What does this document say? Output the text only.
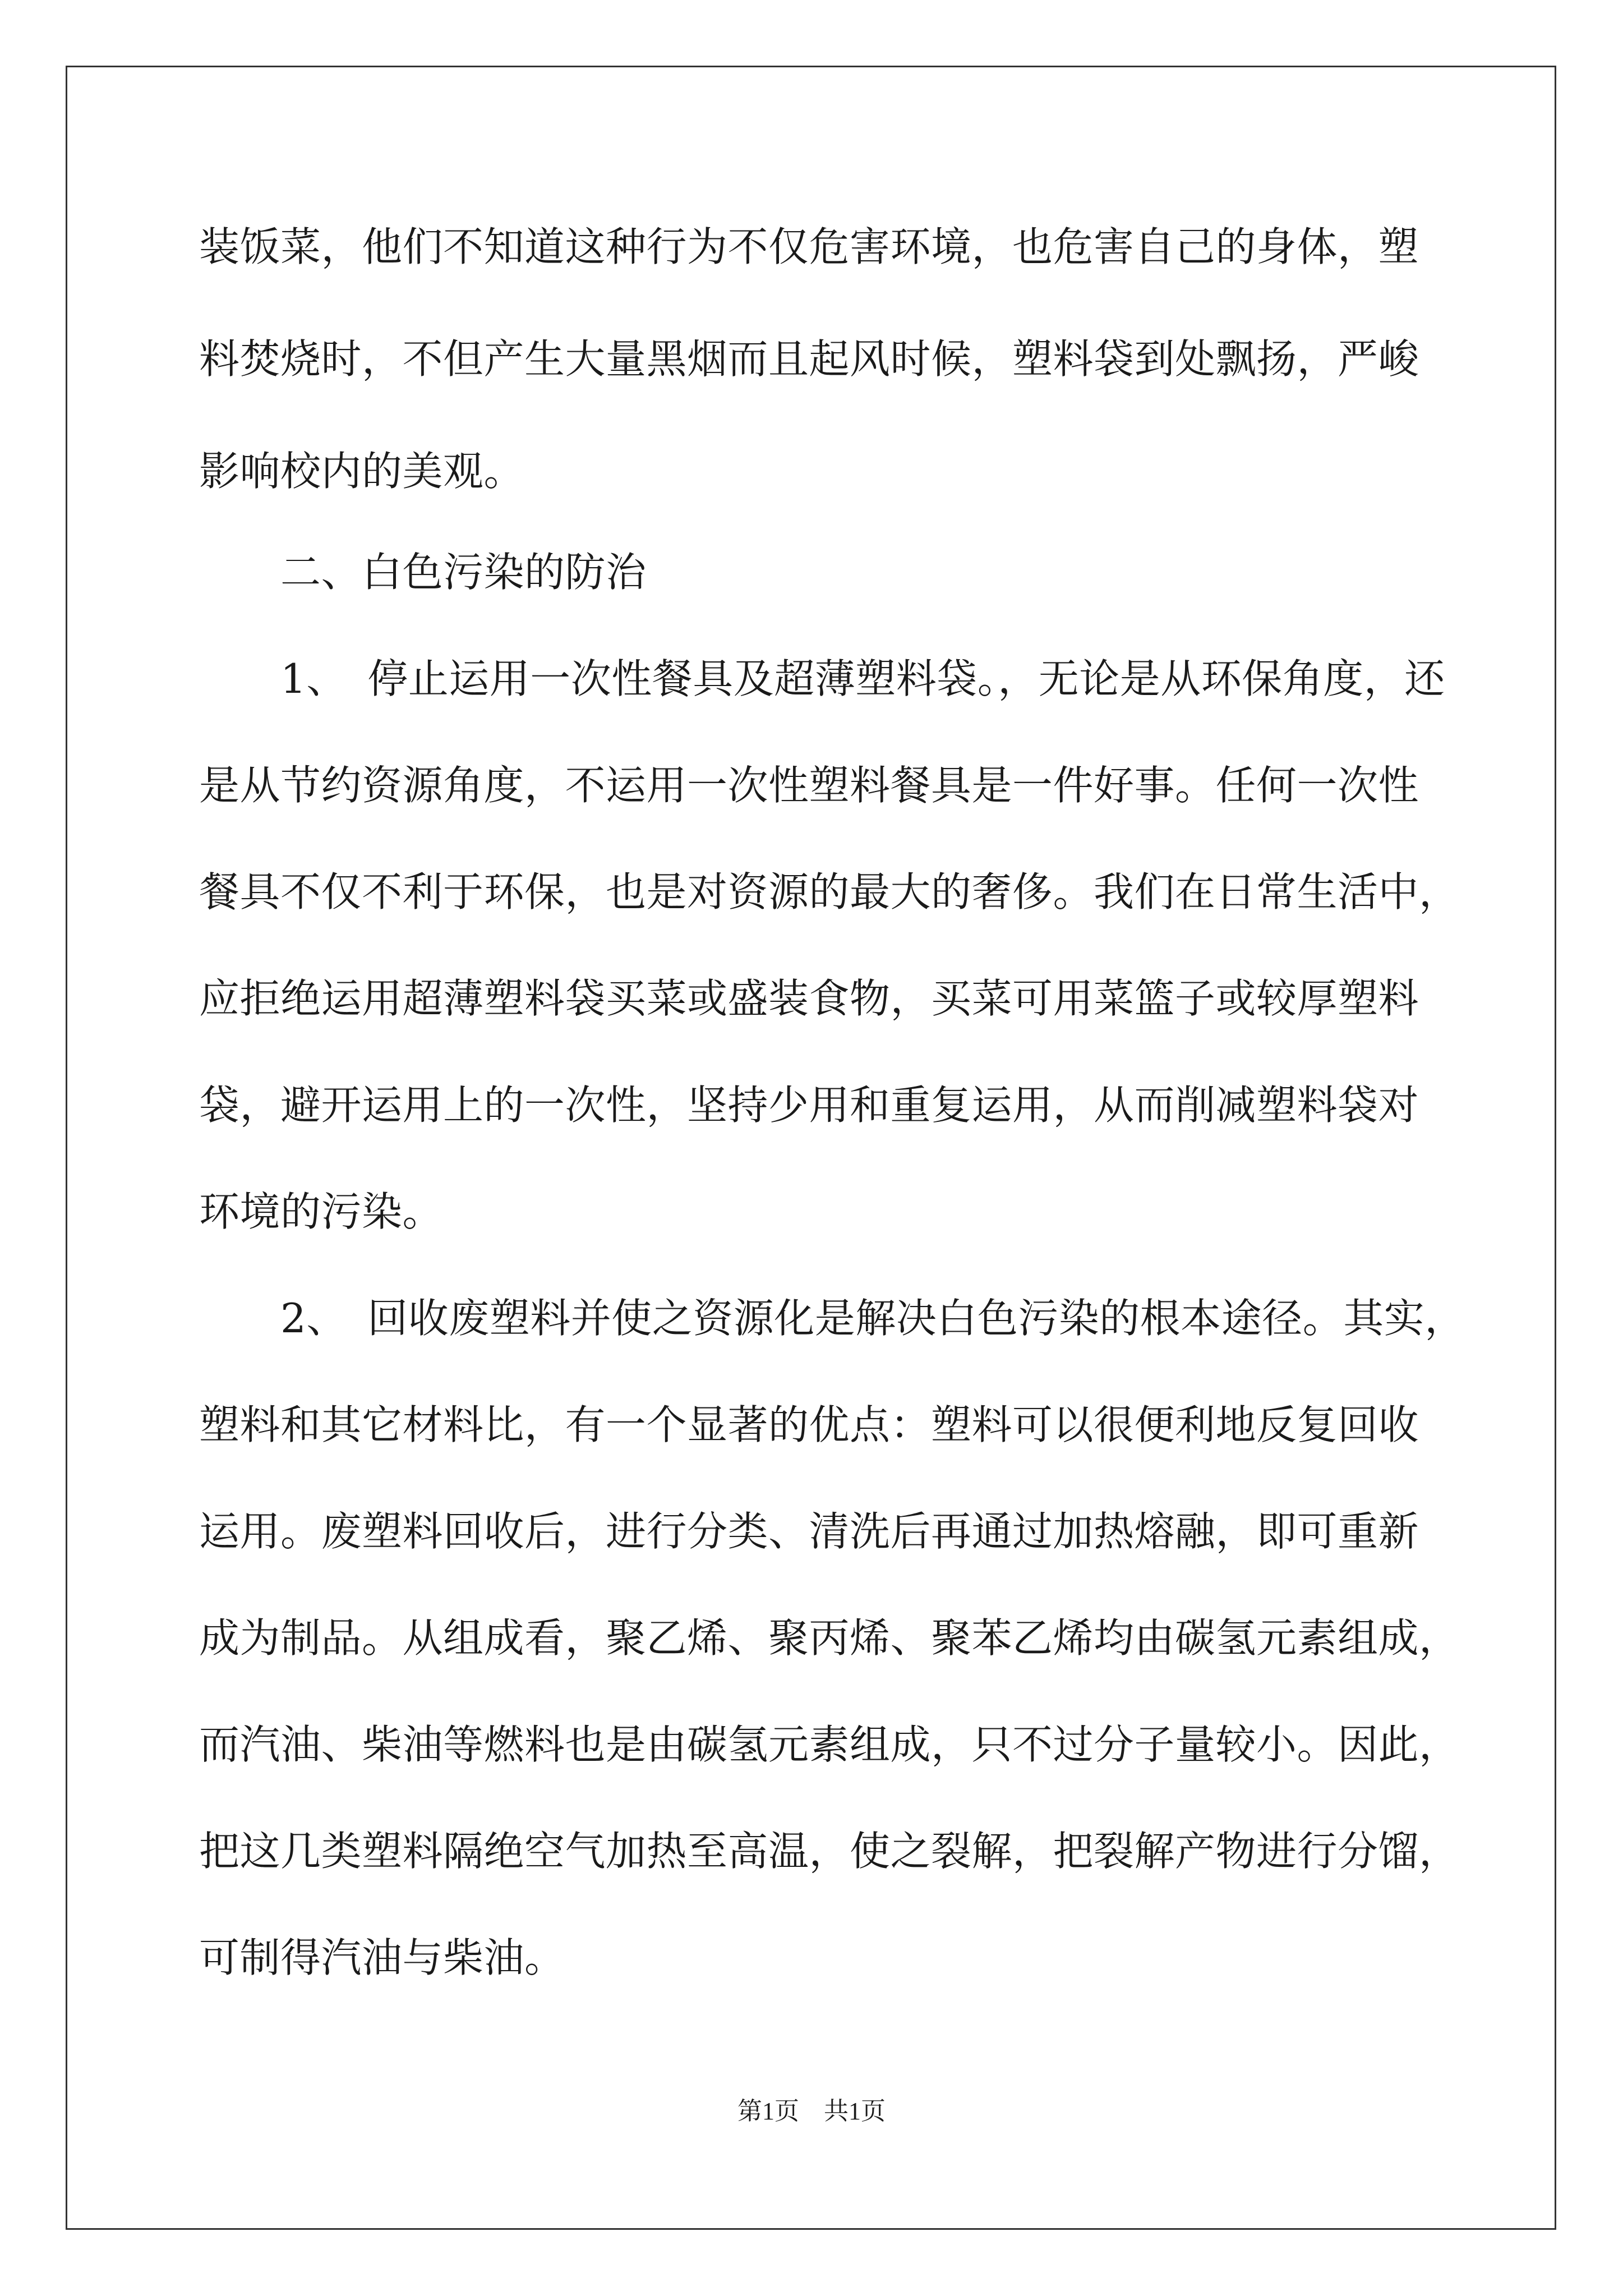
装饭菜，他们不知道这种行为不仅危害环境，也危害自己的身体，塑
料焚烧时，不但产生大量黑烟而且起风时候，塑料袋到处飘扬，严峻
影响校内的美观。
二、白色污染的防治
1、　停止运用一次性餐具及超薄塑料袋。，无论是从环保角度，还
是从节约资源角度，不运用一次性塑料餐具是一件好事。任何一次性
餐具不仅不利于环保，也是对资源的最大的奢侈。我们在日常生活中，
应拒绝运用超薄塑料袋买菜或盛装食物，买菜可用菜篮子或较厚塑料
袋，避开运用上的一次性，坚持少用和重复运用，从而削减塑料袋对
环境的污染。
2、　回收废塑料并使之资源化是解决白色污染的根本途径。其实，
塑料和其它材料比，有一个显著的优点：塑料可以很便利地反复回收
运用。废塑料回收后，进行分类、清洗后再通过加热熔融，即可重新
成为制品。从组成看，聚乙烯、聚丙烯、聚苯乙烯均由碳氢元素组成，
而汽油、柴油等燃料也是由碳氢元素组成，只不过分子量较小。因此，
把这几类塑料隔绝空气加热至高温，使之裂解，把裂解产物进行分馏，
可制得汽油与柴油。
第1页 共1页
